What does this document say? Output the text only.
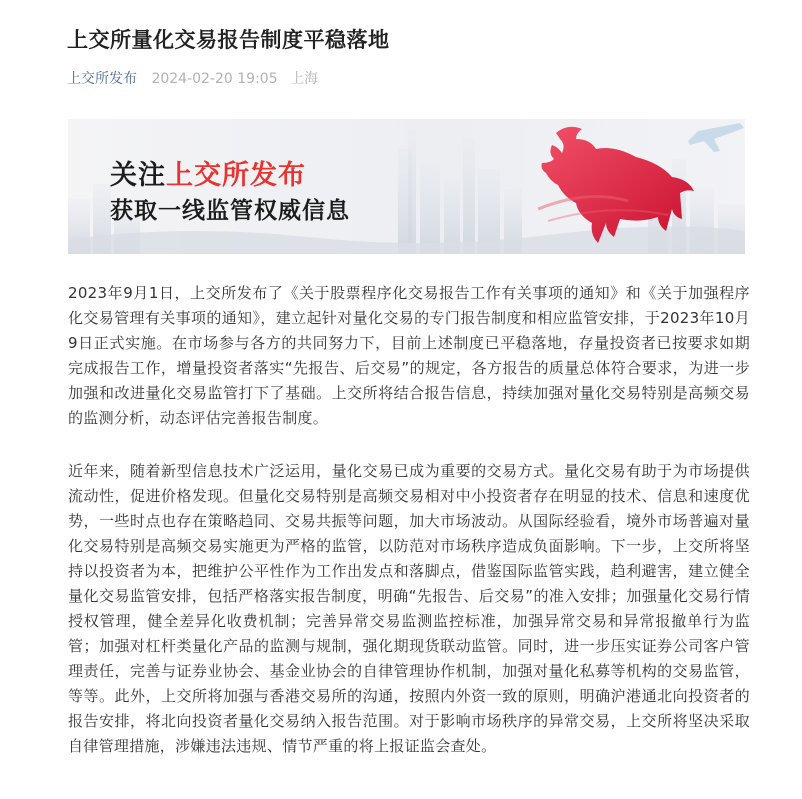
上交所量化交易报告制度平稳落地
上交所发布 2024-02-20 19:05 上海
关注上交所发布
获取一线监管权威信息

2023年9月1日，上交所发布了《关于股票程序化交易报告工作有关事项的通知》和《关于加强程序化交易管理有关事项的通知》，建立起针对量化交易的专门报告制度和相应监管安排，于2023年10月9日正式实施。在市场参与各方的共同努力下，目前上述制度已平稳落地，存量投资者已按要求如期完成报告工作，增量投资者落实“先报告、后交易”的规定，各方报告的质量总体符合要求，为进一步加强和改进量化交易监管打下了基础。上交所将结合报告信息，持续加强对量化交易特别是高频交易的监测分析，动态评估完善报告制度。

近年来，随着新型信息技术广泛运用，量化交易已成为重要的交易方式。量化交易有助于为市场提供流动性，促进价格发现。但量化交易特别是高频交易相对中小投资者存在明显的技术、信息和速度优势，一些时点也存在策略趋同、交易共振等问题，加大市场波动。从国际经验看，境外市场普遍对量化交易特别是高频交易实施更为严格的监管，以防范对市场秩序造成负面影响。下一步，上交所将坚持以投资者为本，把维护公平性作为工作出发点和落脚点，借鉴国际监管实践，趋利避害，建立健全量化交易监管安排，包括严格落实报告制度，明确“先报告、后交易”的准入安排；加强量化交易行情授权管理，健全差异化收费机制；完善异常交易监测监控标准，加强异常交易和异常报撤单行为监管；加强对杠杆类量化产品的监测与规制，强化期现货联动监管。同时，进一步压实证券公司客户管理责任，完善与证券业协会、基金业协会的自律管理协作机制，加强对量化私募等机构的交易监管，等等。此外，上交所将加强与香港交易所的沟通，按照内外资一致的原则，明确沪港通北向投资者的报告安排，将北向投资者量化交易纳入报告范围。对于影响市场秩序的异常交易，上交所将坚决采取自律管理措施，涉嫌违法违规、情节严重的将上报证监会查处。
